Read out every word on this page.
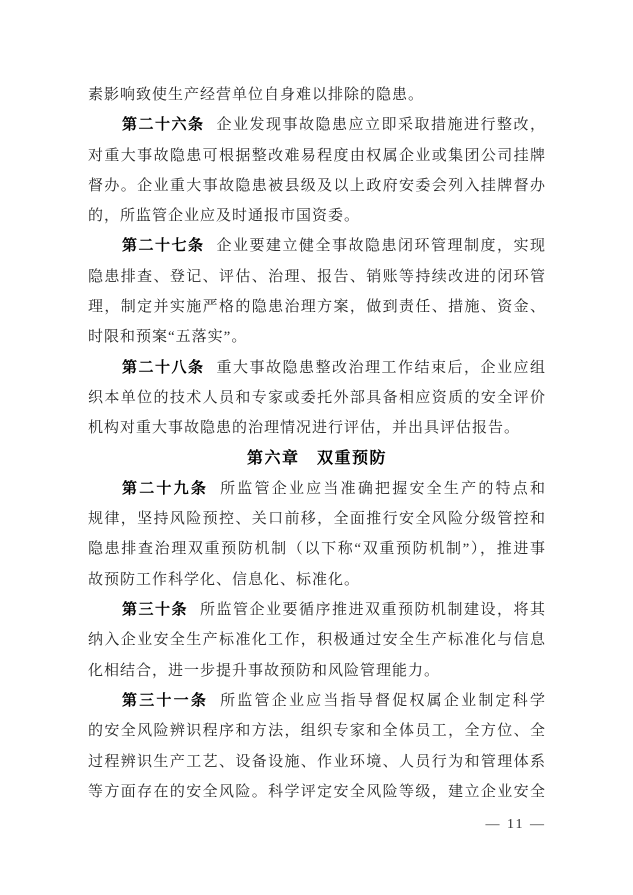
素影响致使生产经营单位自身难以排除的隐患。
第二十六条 企业发现事故隐患应立即采取措施进行整改，
对重大事故隐患可根据整改难易程度由权属企业或集团公司挂牌
督办。企业重大事故隐患被县级及以上政府安委会列入挂牌督办
的，所监管企业应及时通报市国资委。
第二十七条 企业要建立健全事故隐患闭环管理制度，实现
隐患排查、登记、评估、治理、报告、销账等持续改进的闭环管
理，制定并实施严格的隐患治理方案，做到责任、措施、资金、
时限和预案“五落实”。
第二十八条 重大事故隐患整改治理工作结束后，企业应组
织本单位的技术人员和专家或委托外部具备相应资质的安全评价
机构对重大事故隐患的治理情况进行评估，并出具评估报告。
第六章　双重预防
第二十九条 所监管企业应当准确把握安全生产的特点和
规律，坚持风险预控、关口前移，全面推行安全风险分级管控和
隐患排查治理双重预防机制（以下称“双重预防机制”），推进事
故预防工作科学化、信息化、标准化。
第三十条 所监管企业要循序推进双重预防机制建设，将其
纳入企业安全生产标准化工作，积极通过安全生产标准化与信息
化相结合，进一步提升事故预防和风险管理能力。
第三十一条 所监管企业应当指导督促权属企业制定科学
的安全风险辨识程序和方法，组织专家和全体员工，全方位、全
过程辨识生产工艺、设备设施、作业环境、人员行为和管理体系
等方面存在的安全风险。科学评定安全风险等级，建立企业安全
— 11 —
